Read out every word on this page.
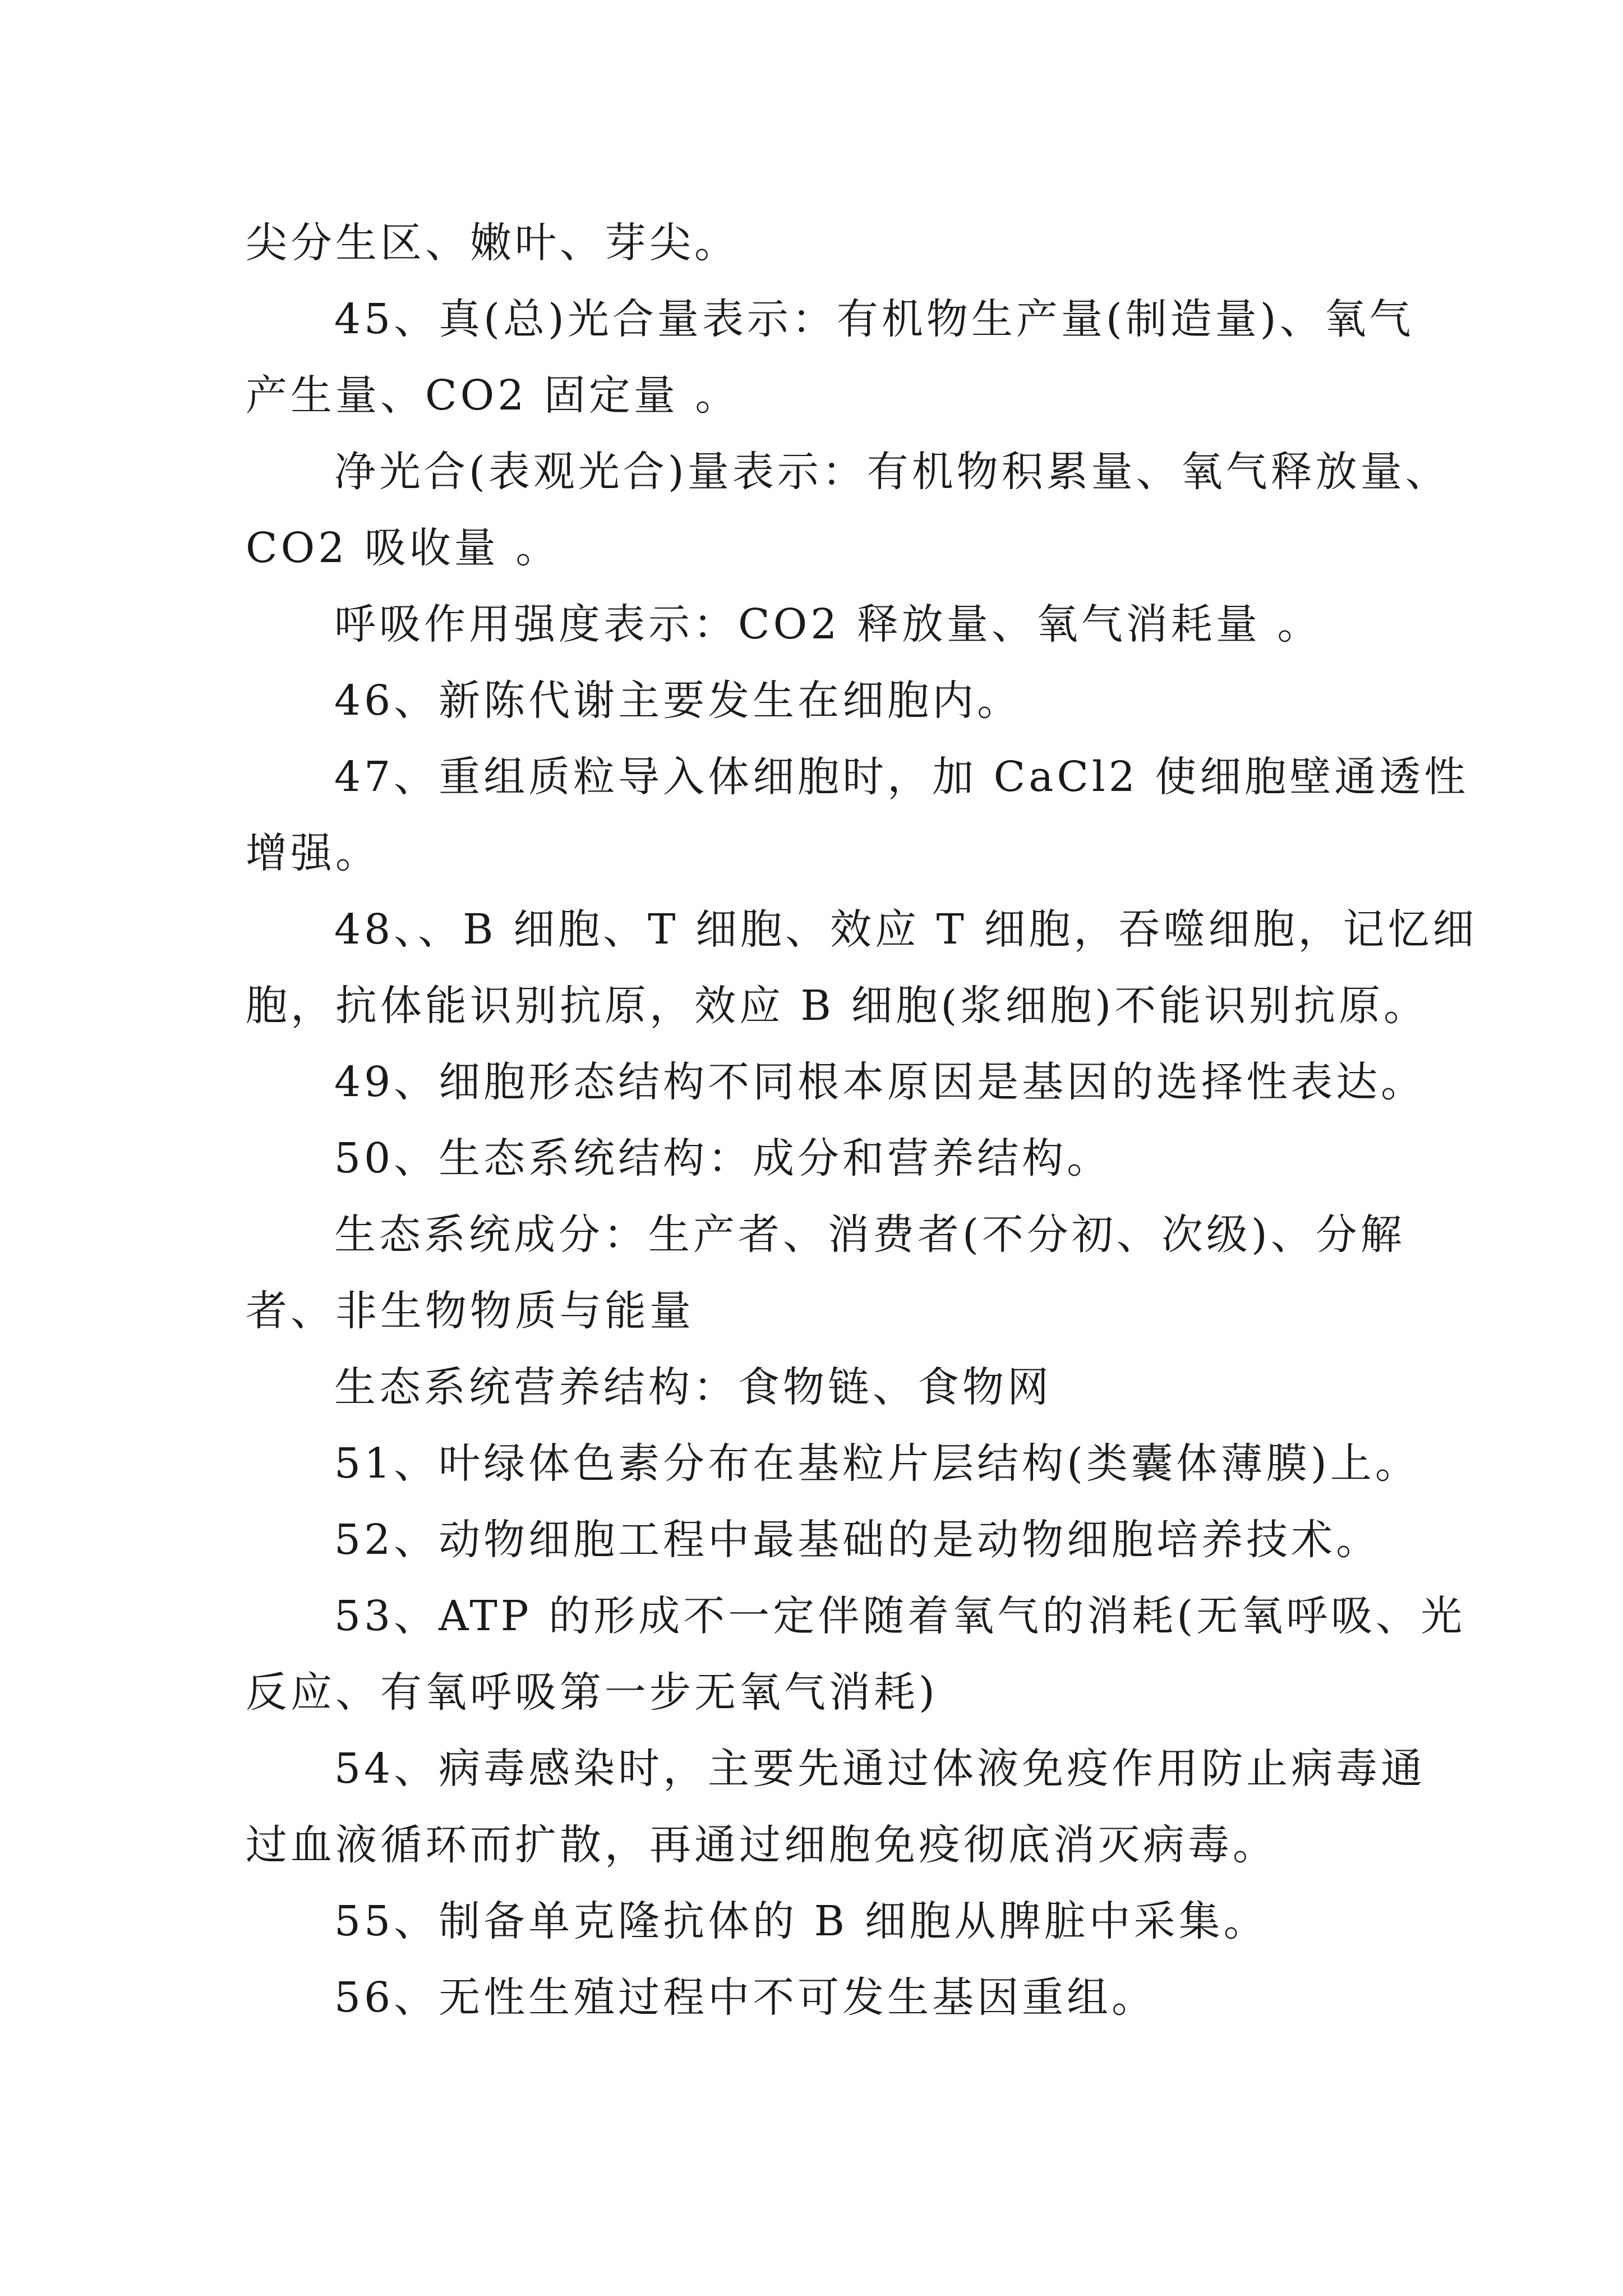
尖分生区、嫩叶、芽尖。
45、真(总)光合量表示：有机物生产量(制造量)、氧气
产生量、CO2 固定量 。
净光合(表观光合)量表示：有机物积累量、氧气释放量、
CO2 吸收量 。
呼吸作用强度表示：CO2 释放量、氧气消耗量 。
46、新陈代谢主要发生在细胞内。
47、重组质粒导入体细胞时，加 CaCl2 使细胞壁通透性
增强。
48、、B 细胞、T 细胞、效应 T 细胞，吞噬细胞，记忆细
胞，抗体能识别抗原，效应 B 细胞(浆细胞)不能识别抗原。
49、细胞形态结构不同根本原因是基因的选择性表达。
50、生态系统结构：成分和营养结构。
生态系统成分：生产者、消费者(不分初、次级)、分解
者、非生物物质与能量
生态系统营养结构：食物链、食物网
51、叶绿体色素分布在基粒片层结构(类囊体薄膜)上。
52、动物细胞工程中最基础的是动物细胞培养技术。
53、ATP 的形成不一定伴随着氧气的消耗(无氧呼吸、光
反应、有氧呼吸第一步无氧气消耗)
54、病毒感染时，主要先通过体液免疫作用防止病毒通
过血液循环而扩散，再通过细胞免疫彻底消灭病毒。
55、制备单克隆抗体的 B 细胞从脾脏中采集。
56、无性生殖过程中不可发生基因重组。
